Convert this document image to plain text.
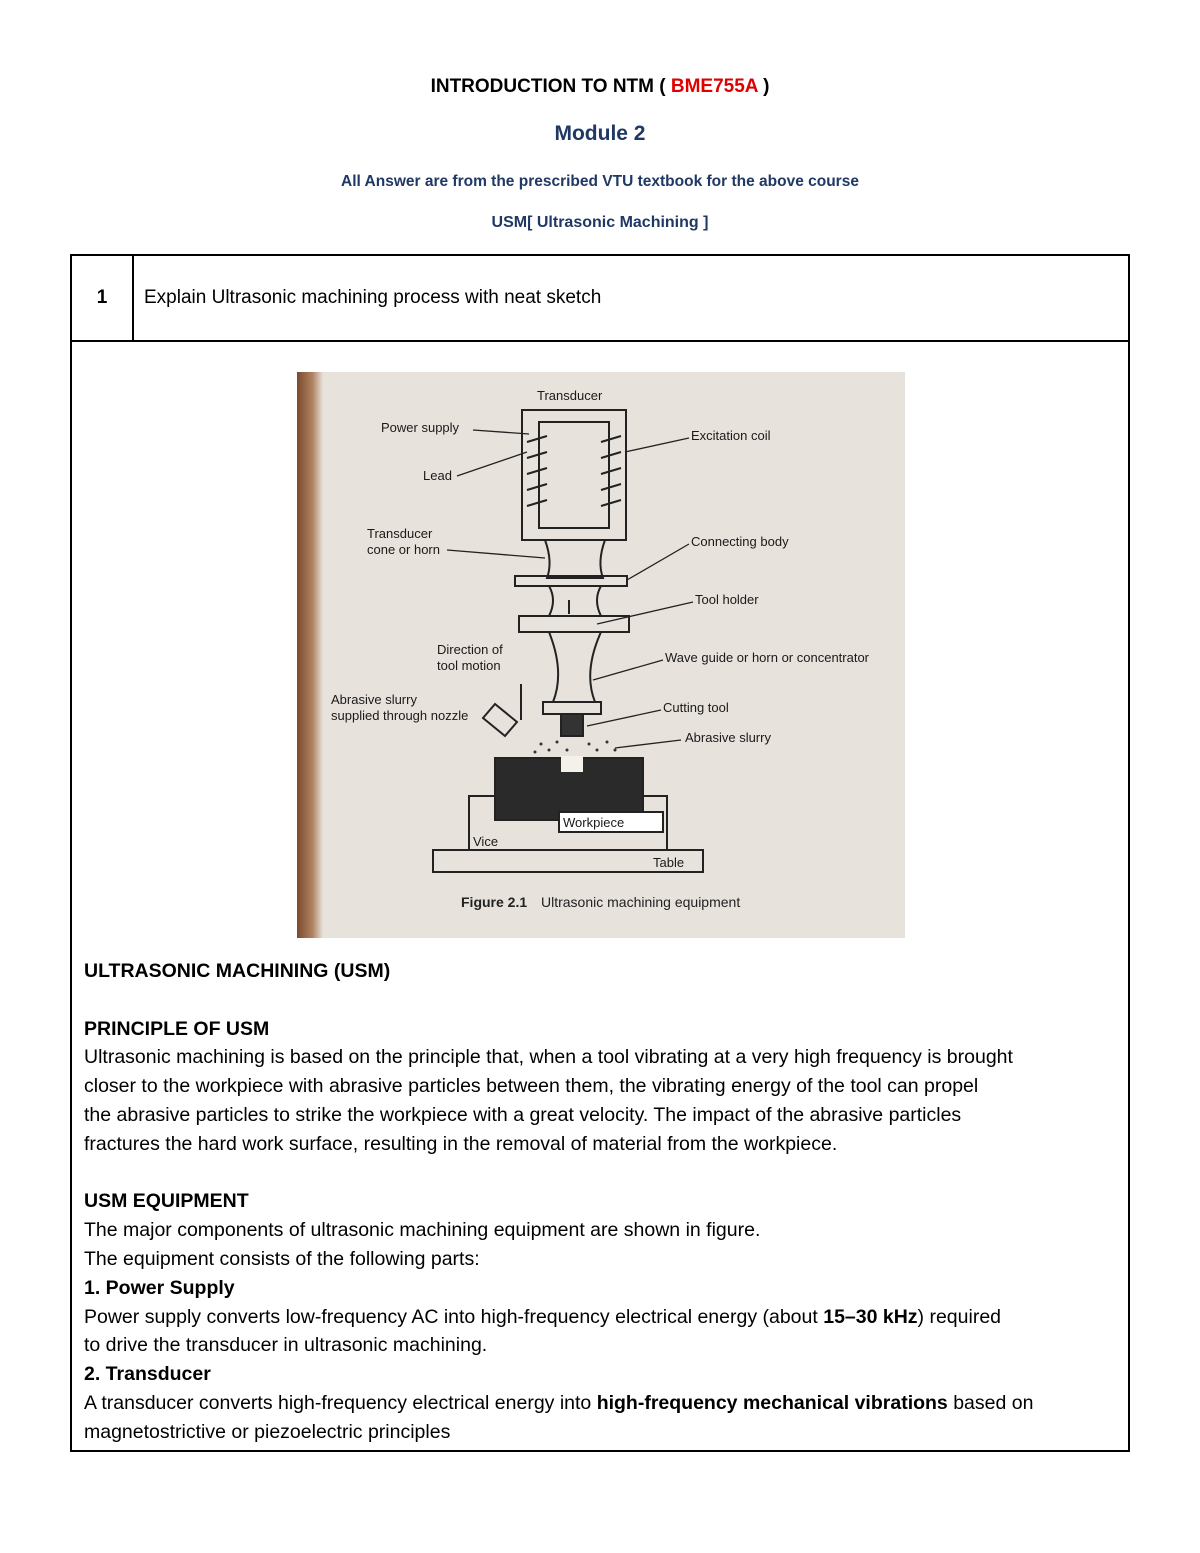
INTRODUCTION TO NTM ( BME755A )
Module 2
All Answer are from the prescribed VTU textbook for the above course
USM[ Ultrasonic Machining ]
1	Explain Ultrasonic machining process with neat sketch

Transducer
Power supply
Excitation coil
Lead
Transducer
cone or horn
Connecting body
Tool holder
Direction of
tool motion
Wave guide or horn or concentrator
Abrasive slurry
supplied through nozzle
Cutting tool
Abrasive slurry
Workpiece
Vice
Table
Figure 2.1 Ultrasonic machining equipment

ULTRASONIC MACHINING (USM)

PRINCIPLE OF USM

Ultrasonic machining is based on the principle that, when a tool vibrating at a very high frequency is brought

closer to the workpiece with abrasive particles between them, the vibrating energy of the tool can propel

the abrasive particles to strike the workpiece with a great velocity. The impact of the abrasive particles

fractures the hard work surface, resulting in the removal of material from the workpiece.

USM EQUIPMENT

The major components of ultrasonic machining equipment are shown in figure.

The equipment consists of the following parts:

1. Power Supply

Power supply converts low-frequency AC into high-frequency electrical energy (about 15–30 kHz) required

to drive the transducer in ultrasonic machining.

2. Transducer

A transducer converts high-frequency electrical energy into high-frequency mechanical vibrations based on

magnetostrictive or piezoelectric principles
